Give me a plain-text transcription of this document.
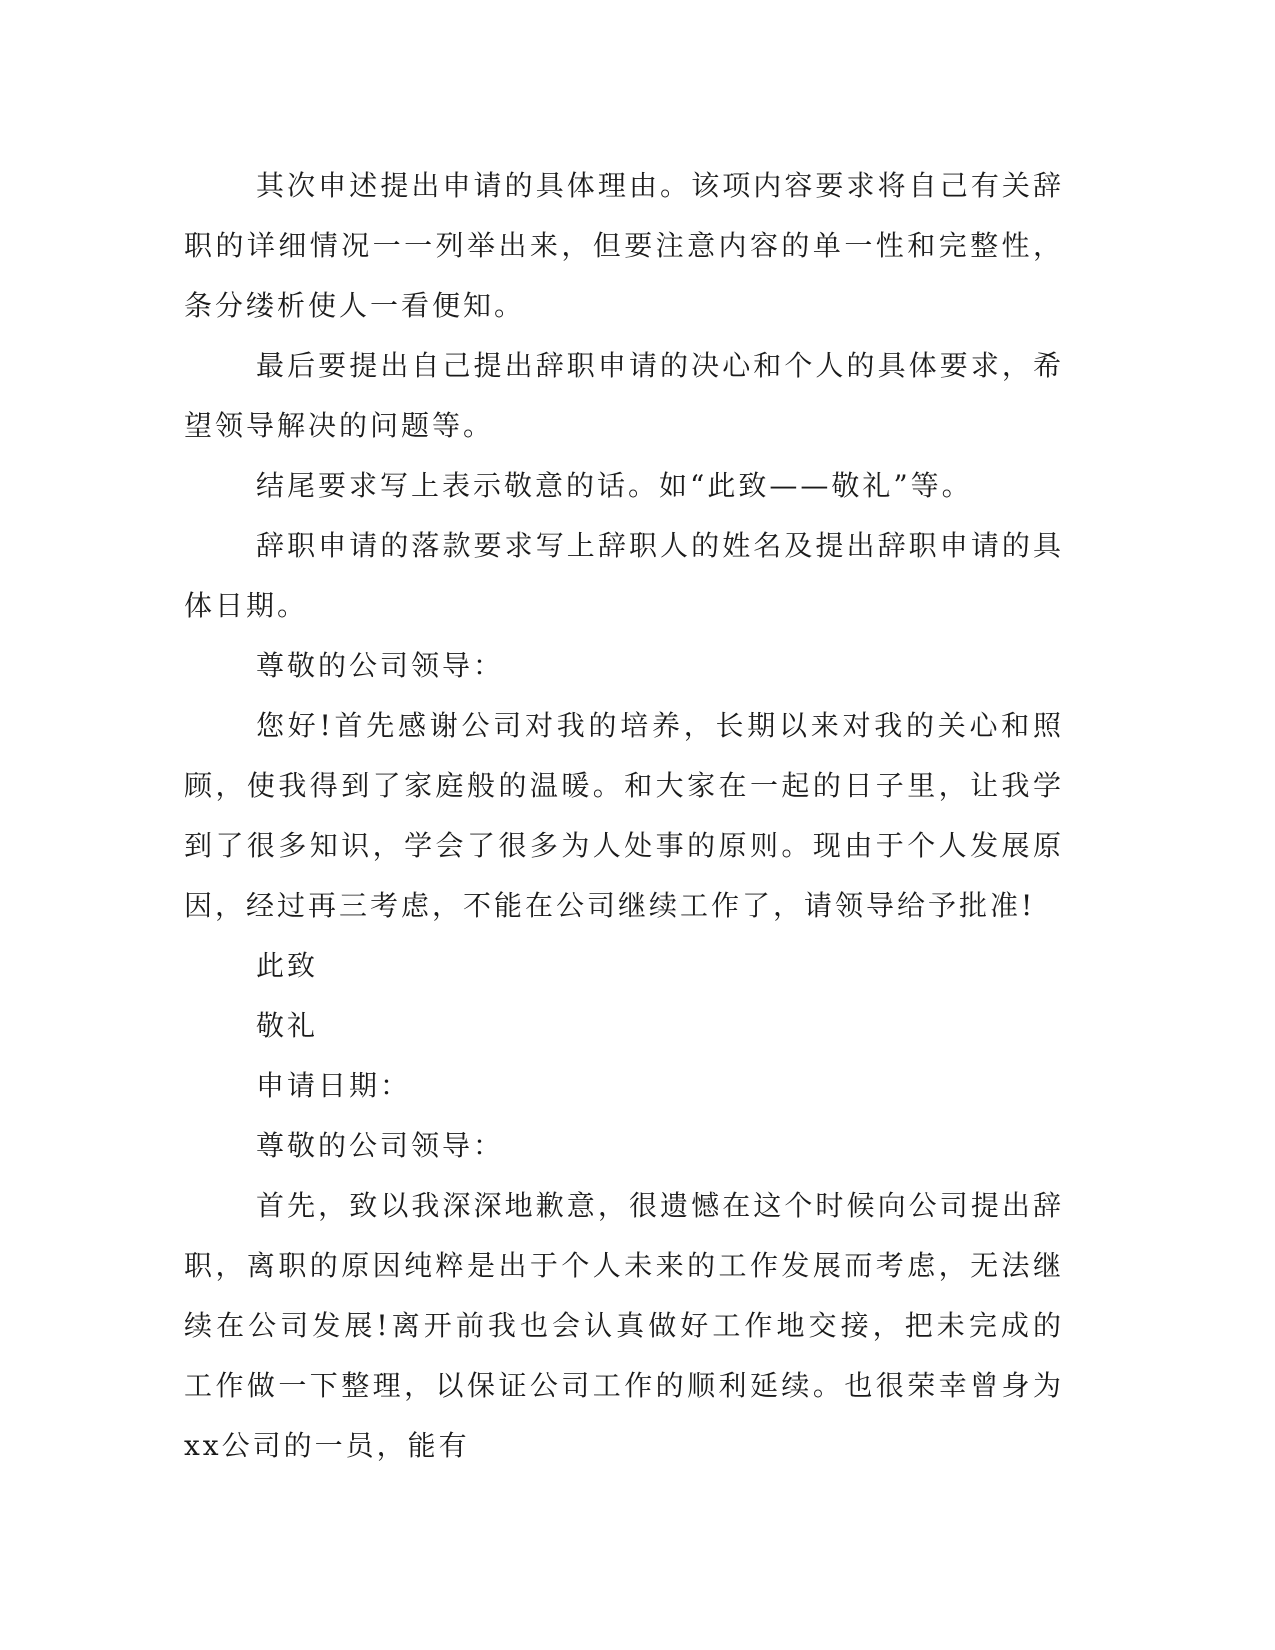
其次申述提出申请的具体理由。该项内容要求将自己有关辞职的详细情况一一列举出来，但要注意内容的单一性和完整性，条分缕析使人一看便知。

最后要提出自己提出辞职申请的决心和个人的具体要求，希望领导解决的问题等。

结尾要求写上表示敬意的话。如“此致——敬礼”等。

辞职申请的落款要求写上辞职人的姓名及提出辞职申请的具体日期。

尊敬的公司领导：

您好!首先感谢公司对我的培养，长期以来对我的关心和照顾，使我得到了家庭般的温暖。和大家在一起的日子里，让我学到了很多知识，学会了很多为人处事的原则。现由于个人发展原因，经过再三考虑，不能在公司继续工作了，请领导给予批准!

此致

敬礼

申请日期：

尊敬的公司领导：

首先，致以我深深地歉意，很遗憾在这个时候向公司提出辞职，离职的原因纯粹是出于个人未来的工作发展而考虑，无法继续在公司发展!离开前我也会认真做好工作地交接，把未完成的工作做一下整理，以保证公司工作的顺利延续。也很荣幸曾身为xx公司的一员，能有
